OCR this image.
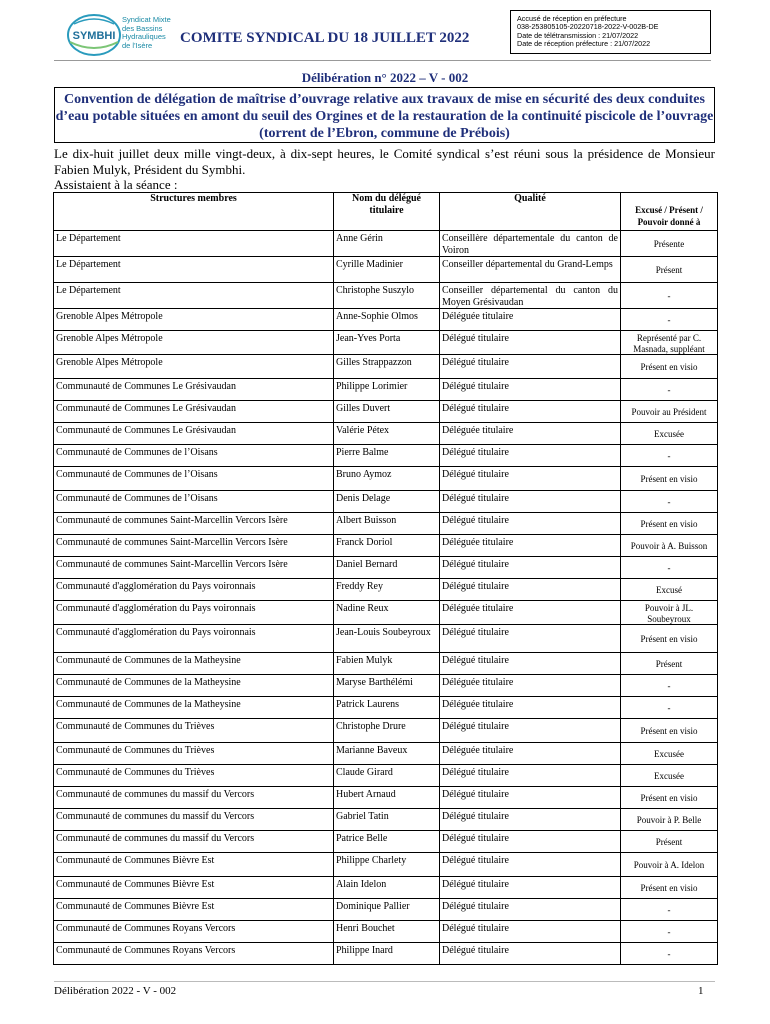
SYMBHI
Syndicat Mixte
des Bassins
Hydrauliques
de l'Isère	COMITE SYNDICAL DU 18 JUILLET 2022
Accusé de réception en préfecture
038-253805105-20220718-2022-V-002B-DE
Date de télétransmission : 21/07/2022
Date de réception préfecture : 21/07/2022
Délibération n° 2022 – V - 002
Convention de délégation de maîtrise d’ouvrage relative aux travaux de mise en sécurité des deux conduites d’eau potable situées en amont du seuil des Orgines et de la restauration de la continuité piscicole de l’ouvrage (torrent de l’Ebron, commune de Prébois)

Le dix-huit juillet deux mille vingt-deux, à dix-sept heures, le Comité syndical s’est réuni sous la présidence de Monsieur Fabien Mulyk, Président du Symbhi.

Assistaient à la séance :

Structures membres	Nom du délégué titulaire	Qualité	Excusé / Présent / Pouvoir donné à
Le Département	Anne Gérin	Conseillère départementale du canton de Voiron	Présente
Le Département	Cyrille Madinier	Conseiller départemental du Grand-Lemps	Présent
Le Département	Christophe Suszylo	Conseiller départemental du canton du Moyen Grésivaudan	-
Grenoble Alpes Métropole	Anne-Sophie Olmos	Déléguée titulaire	-
Grenoble Alpes Métropole	Jean-Yves Porta	Délégué titulaire	Représenté par C. Masnada, suppléant
Grenoble Alpes Métropole	Gilles Strappazzon	Délégué titulaire	Présent en visio
Communauté de Communes Le Grésivaudan	Philippe Lorimier	Délégué titulaire	-
Communauté de Communes Le Grésivaudan	Gilles Duvert	Délégué titulaire	Pouvoir au Président
Communauté de Communes Le Grésivaudan	Valérie Pétex	Déléguée titulaire	Excusée
Communauté de Communes de l’Oisans	Pierre Balme	Délégué titulaire	-
Communauté de Communes de l’Oisans	Bruno Aymoz	Délégué titulaire	Présent en visio
Communauté de Communes de l’Oisans	Denis Delage	Délégué titulaire	-
Communauté de communes Saint-Marcellin Vercors Isère	Albert Buisson	Délégué titulaire	Présent en visio
Communauté de communes Saint-Marcellin Vercors Isère	Franck Doriol	Déléguée titulaire	Pouvoir à A. Buisson
Communauté de communes Saint-Marcellin Vercors Isère	Daniel Bernard	Délégué titulaire	-
Communauté d'agglomération du Pays voironnais	Freddy Rey	Délégué titulaire	Excusé
Communauté d'agglomération du Pays voironnais	Nadine Reux	Déléguée titulaire	Pouvoir à JL. Soubeyroux
Communauté d'agglomération du Pays voironnais	Jean-Louis Soubeyroux	Délégué titulaire	Présent en visio
Communauté de Communes de la Matheysine	Fabien Mulyk	Délégué titulaire	Présent
Communauté de Communes de la Matheysine	Maryse Barthélémi	Déléguée titulaire	-
Communauté de Communes de la Matheysine	Patrick Laurens	Déléguée titulaire	-
Communauté de Communes du Trièves	Christophe Drure	Délégué titulaire	Présent en visio
Communauté de Communes du Trièves	Marianne Baveux	Déléguée titulaire	Excusée
Communauté de Communes du Trièves	Claude Girard	Délégué titulaire	Excusée
Communauté de communes du massif du Vercors	Hubert Arnaud	Délégué titulaire	Présent en visio
Communauté de communes du massif du Vercors	Gabriel Tatin	Délégué titulaire	Pouvoir à P. Belle
Communauté de communes du massif du Vercors	Patrice Belle	Délégué titulaire	Présent
Communauté de Communes Bièvre Est	Philippe Charlety	Délégué titulaire	Pouvoir à A. Idelon
Communauté de Communes Bièvre Est	Alain Idelon	Délégué titulaire	Présent en visio
Communauté de Communes Bièvre Est	Dominique Pallier	Délégué titulaire	-
Communauté de Communes Royans Vercors	Henri Bouchet	Délégué titulaire	-
Communauté de Communes Royans Vercors	Philippe Inard	Délégué titulaire	-
Délibération 2022 - V - 002	1
